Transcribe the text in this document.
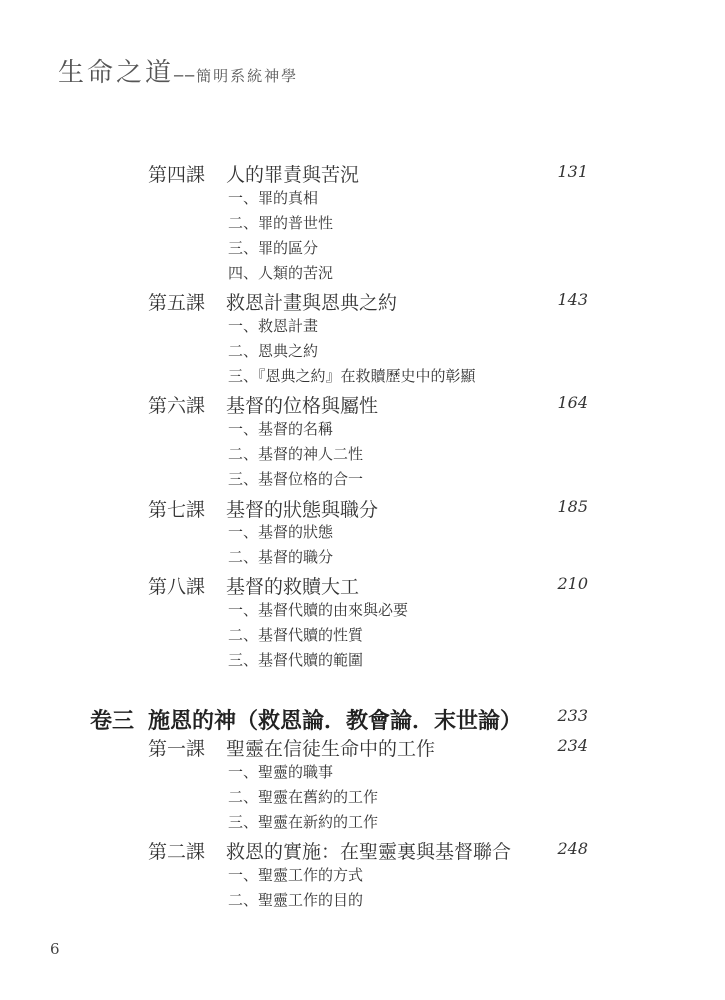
生命之道 ──簡明系統神學
第四課 人的罪責與苦況	131
一、罪的真相
二、罪的普世性
三、罪的區分
四、人類的苦況
第五課 救恩計畫與恩典之約	143
一、救恩計畫
二、恩典之約
三、『恩典之約』在救贖歷史中的彰顯
第六課 基督的位格與屬性	164
一、基督的名稱
二、基督的神人二性
三、基督位格的合一
第七課 基督的狀態與職分	185
一、基督的狀態
二、基督的職分
第八課 基督的救贖大工	210
一、基督代贖的由來與必要
二、基督代贖的性質
三、基督代贖的範圍
卷三 施恩的神（救恩論．教會論．末世論） 233
第一課 聖靈在信徒生命中的工作	234
一、聖靈的職事
二、聖靈在舊約的工作
三、聖靈在新約的工作
第二課 救恩的實施：在聖靈裏與基督聯合	248
一、聖靈工作的方式
二、聖靈工作的目的
6
